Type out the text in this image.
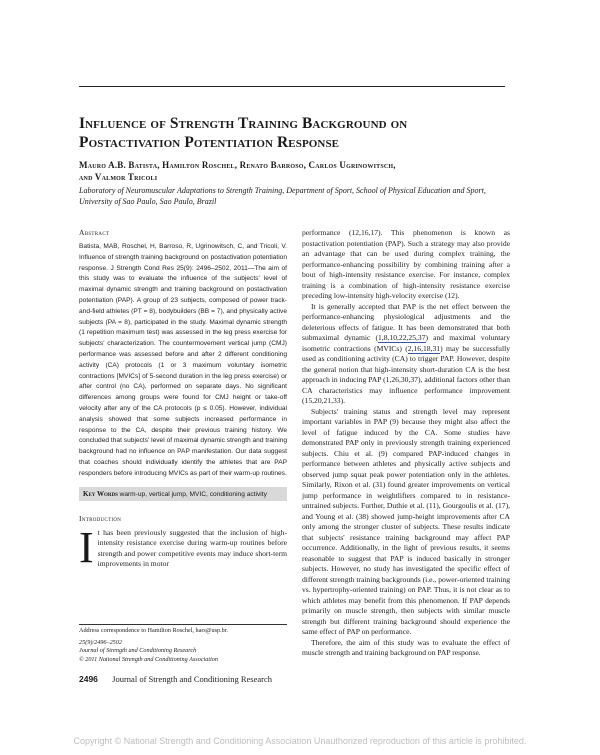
Influence of Strength Training Background on Postactivation Potentiation Response
Mauro A.B. Batista, Hamilton Roschel, Renato Barroso, Carlos Ugrinowitsch,
and Valmor Tricoli
Laboratory of Neuromuscular Adaptations to Strength Training, Department of Sport, School of Physical Education and Sport, University of Sao Paulo, Sao Paulo, Brazil
Abstract

Batista, MAB, Roschel, H, Barroso, R, Ugrinowitsch, C, and Tricoli, V. Influence of strength training background on postactivation potentiation response. J Strength Cond Res 25(9): 2496–2502, 2011—The aim of this study was to evaluate the influence of the subjects' level of maximal dynamic strength and training background on postactivation potentiation (PAP). A group of 23 subjects, composed of power track-and-field athletes (PT = 8), bodybuilders (BB = 7), and physically active subjects (PA = 8), participated in the study. Maximal dynamic strength (1 repetition maximum test) was assessed in the leg press exercise for subjects' characterization. The countermovement vertical jump (CMJ) performance was assessed before and after 2 different conditioning activity (CA) protocols (1 or 3 maximum voluntary isometric contractions [MVICs] of 5-second duration in the leg press exercise) or after control (no CA), performed on separate days. No significant differences among groups were found for CMJ height or take-off velocity after any of the CA protocols (p ≤ 0.05). However, individual analysis showed that some subjects increased performance in response to the CA, despite their previous training history. We concluded that subjects' level of maximal dynamic strength and training background had no influence on PAP manifestation. Our data suggest that coaches should individually identify the athletes that are PAP responders before introducing MVICs as part of their warm-up routines.

Key Words warm-up, vertical jump, MVIC, conditioning activity
Introduction
I t has been previously suggested that the inclusion of high-intensity resistance exercise during warm-up routines before strength and power competitive events may induce short-term improvements in motor

performance (12,16,17). This phenomenon is known as postactivation potentiation (PAP). Such a strategy may also provide an advantage that can be used during complex training, the performance-enhancing possibility by combining training after a bout of high-intensity resistance exercise. For instance, complex training is a combination of high-intensity resistance exercise preceding low-intensity high-velocity exercise (12).

It is generally accepted that PAP is the net effect between the performance-enhancing physiological adjustments and the deleterious effects of fatigue. It has been demonstrated that both submaximal dynamic (1,8,10,22,25,37) and maximal voluntary isometric contractions (MVICs) (2,16,18,31) may be successfully used as conditioning activity (CA) to trigger PAP. However, despite the general notion that high-intensity short-duration CA is the best approach in inducing PAP (1,26,30,37), additional factors other than CA characteristics may influence performance improvement (15,20,21,33).

Subjects' training status and strength level may represent important variables in PAP (9) because they might also affect the level of fatigue induced by the CA. Some studies have demonstrated PAP only in previously strength training experienced subjects. Chiu et al. (9) compared PAP-induced changes in performance between athletes and physically active subjects and observed jump squat peak power potentiation only in the athletes. Similarly, Rixon et al. (31) found greater improvements on vertical jump performance in weightlifters compared to in resistance-untrained subjects. Further, Duthie et al. (11), Gourgoulis et al. (17), and Young et al. (38) showed jump-height improvements after CA only among the stronger cluster of subjects. These results indicate that subjects' resistance training background may affect PAP occurrence. Additionally, in the light of previous results, it seems reasonable to suggest that PAP is induced basically in stronger subjects. However, no study has investigated the specific effect of different strength training backgrounds (i.e., power-oriented training vs. hypertrophy-oriented training) on PAP. Thus, it is not clear as to which athletes may benefit from this phenomenon. If PAP depends primarily on muscle strength, then subjects with similar muscle strength but different training background should experience the same effect of PAP on performance.

Therefore, the aim of this study was to evaluate the effect of muscle strength and training background on PAP response.

Address correspondence to Hamilton Roschel, hars@usp.br.
25(9)/2496–2502
Journal of Strength and Conditioning Research
© 2011 National Strength and Conditioning Association
2496 Journal of Strength and Conditioning Research
Copyright © National Strength and Conditioning Association Unauthorized reproduction of this article is prohibited.
